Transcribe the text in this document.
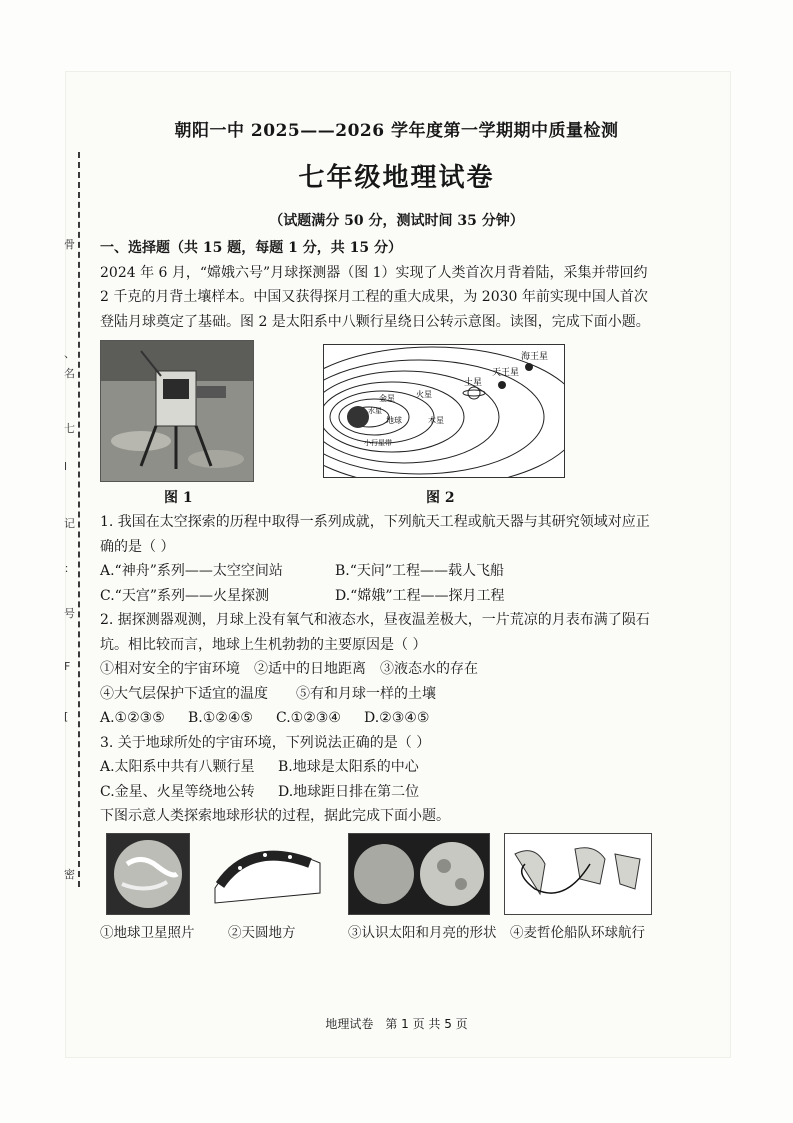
骨
、
名
七
l
记
：
号
F
[
密
朝阳一中 2025——2026 学年度第一学期期中质量检测
七年级地理试卷
（试题满分 50 分，测试时间 35 分钟）

一、选择题（共 15 题，每题 1 分，共 15 分）

2024 年 6 月，“嫦娥六号”月球探测器（图 1）实现了人类首次月背着陆，采集并带回约 2 千克的月背土壤样本。中国又获得探月工程的重大成果，为 2030 年前实现中国人首次登陆月球奠定了基础。图 2 是太阳系中八颗行星绕日公转示意图。读图，完成下面小题。

天王星
海王星
土星
金星	火星
地球
水星
木星
小行星带
图 1	图 2

1. 我国在太空探索的历程中取得一系列成就，下列航天工程或航天器与其研究领域对应正确的是（ ）

A.“神舟”系列——太空空间站	B.“天问”工程——载人飞船
C.“天宫”系列——火星探测	D.“嫦娥”工程——探月工程

2. 据探测器观测，月球上没有氧气和液态水，昼夜温差极大，一片荒凉的月表布满了陨石坑。相比较而言，地球上生机勃勃的主要原因是（ ）

①相对安全的宇宙环境　②适中的日地距离　③液态水的存在

④大气层保护下适宜的温度　　⑤有和月球一样的土壤

A.①②③⑤	B.①②④⑤	C.①②③④	D.②③④⑤

3. 关于地球所处的宇宙环境，下列说法正确的是（ ）

A.太阳系中共有八颗行星	B.地球是太阳系的中心
C.金星、火星等绕地公转	D.地球距日排在第二位

下图示意人类探索地球形状的过程，据此完成下面小题。

①地球卫星照片 ②天圆地方	③认识太阳和月亮的形状 ④麦哲伦船队环球航行
地理试卷　第 1 页 共 5 页
